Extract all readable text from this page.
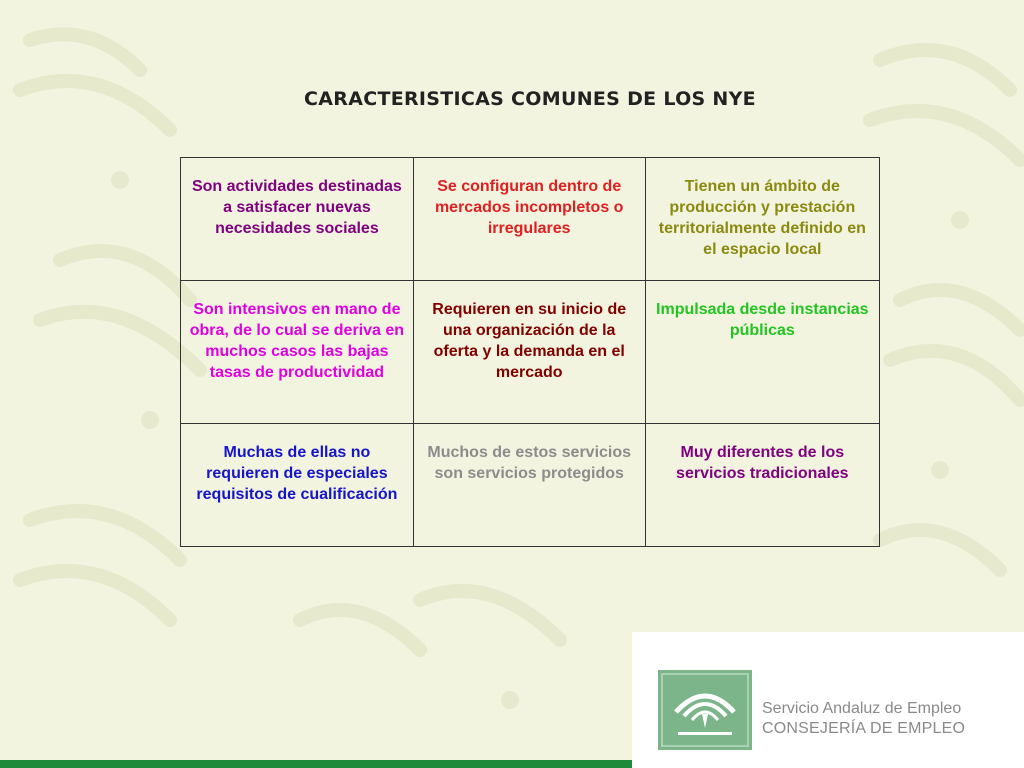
CARACTERISTICAS COMUNES DE LOS NYE
Son actividades destinadas a satisfacer nuevas necesidades sociales	Se configuran dentro de mercados incompletos o irregulares	Tienen un ámbito de producción y prestación territorialmente definido en el espacio local
Son intensivos en mano de obra, de lo cual se deriva en muchos casos las bajas tasas de productividad	Requieren en su inicio de una organización de la oferta y la demanda en el mercado	Impulsada desde instancias públicas
Muchas de ellas no requieren de especiales requisitos de cualificación	Muchos de estos servicios son servicios protegidos	Muy diferentes de los servicios tradicionales
Servicio Andaluz de Empleo
CONSEJERÍA DE EMPLEO
